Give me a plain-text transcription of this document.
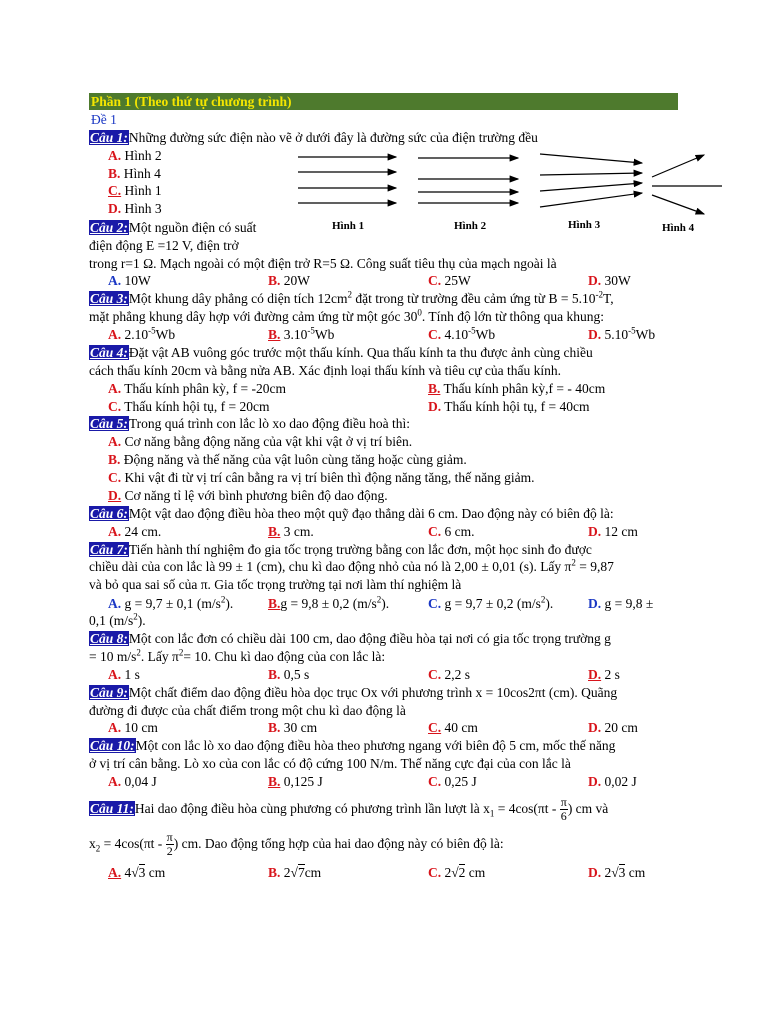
Phần 1 (Theo thứ tự chương trình)
Đề 1
Câu 1:Những đường sức điện nào vẽ ở dưới đây là đường sức của điện trường đều
A. Hình 2
B. Hình 4
C. Hình 1
D. Hình 3
Hình 1	Hình 2	Hình 3	Hình 4
Câu 2:Một nguồn điện có suất
điện động E =12 V, điện trở
trong r=1 Ω. Mạch ngoài có một điện trở R=5 Ω. Công suất tiêu thụ của mạch ngoài là
A. 10W	B. 20W	C. 25W	D. 30W
Câu 3:Một khung dây phẳng có diện tích $12cm^2$ đặt trong từ trường đều cảm ứng từ $B = 5.10^{-2}T$,
mặt phẳng khung dây hợp với đường cảm ứng từ một góc $30^0$. Tính độ lớn từ thông qua khung:
A. $2.10^{-5}Wb$	B. $3.10^{-5}Wb$	C. $4.10^{-5}Wb$	D. $5.10^{-5}Wb$
Câu 4:Đặt vật AB vuông góc trước một thấu kính. Qua thấu kính ta thu được ảnh cùng chiều
cách thấu kính 20cm và bằng nửa AB. Xác định loại thấu kính và tiêu cự của thấu kính.
A. Thấu kính phân kỳ, f = -20cm	B. Thấu kính phân kỳ,f = - 40cm
C. Thấu kính hội tụ, f = 20cm	D. Thấu kính hội tụ, f = 40cm
Câu 5:Trong quá trình con lắc lò xo dao động điều hoà thì:
A. Cơ năng bằng động năng của vật khi vật ở vị trí biên.
B. Động năng và thế năng của vật luôn cùng tăng hoặc cùng giảm.
C. Khi vật đi từ vị trí cân bằng ra vị trí biên thì động năng tăng, thế năng giảm.
D. Cơ năng tỉ lệ với bình phương biên độ dao động.
Câu 6:Một vật dao động điều hòa theo một quỹ đạo thẳng dài 6 cm. Dao động này có biên độ là:
A. 24 cm.	B. 3 cm.	C. 6 cm.	D. 12 cm
Câu 7:Tiến hành thí nghiệm đo gia tốc trọng trường bằng con lắc đơn, một học sinh đo được
chiều dài của con lắc là 99 ± 1 (cm), chu kì dao động nhỏ của nó là 2,00 ± 0,01 (s). Lấy $\pi^2 = 9,87$
và bỏ qua sai số của π. Gia tốc trọng trường tại nơi làm thí nghiệm là
A. g = 9,7 ± 0,1 $(m/s^2)$.	B.g = 9,8 ± 0,2 $(m/s^2)$.	C. g = 9,7 ± 0,2 $(m/s^2)$.	D. g = 9,8 ±
0,1 $(m/s^2)$.
Câu 8:Một con lắc đơn có chiều dài 100 cm, dao động điều hòa tại nơi có gia tốc trọng trường g
= 10 $m/s^2$. Lấy $\pi^2= 10$. Chu kì dao động của con lắc là:
A. 1 s	B. 0,5 s	C. 2,2 s	D. 2 s
Câu 9:Một chất điểm dao động điều hòa dọc trục Ox với phương trình x = 10cos2πt (cm). Quãng
đường đi được của chất điểm trong một chu kì dao động là
A. 10 cm	B. 30 cm	C. 40 cm	D. 20 cm
Câu 10:Một con lắc lò xo dao động điều hòa theo phương ngang với biên độ 5 cm, mốc thế năng
ở vị trí cân bằng. Lò xo của con lắc có độ cứng 100 N/m. Thế năng cực đại của con lắc là
A. 0,04 J	B. 0,125 J	C. 0,25 J	D. 0,02 J
Câu 11:Hai dao động điều hòa cùng phương có phương trình lần lượt là $x_1 = 4\cos(\pi t - \frac{\pi}{6}$ ) cm và
$x_2 = 4\cos(\pi t - \frac{\pi}{2}$ ) cm. Dao động tổng hợp của hai dao động này có biên độ là:
A. 4√3 cm	B. 2√7cm	C. 2√2 cm	D. 2√3 cm
